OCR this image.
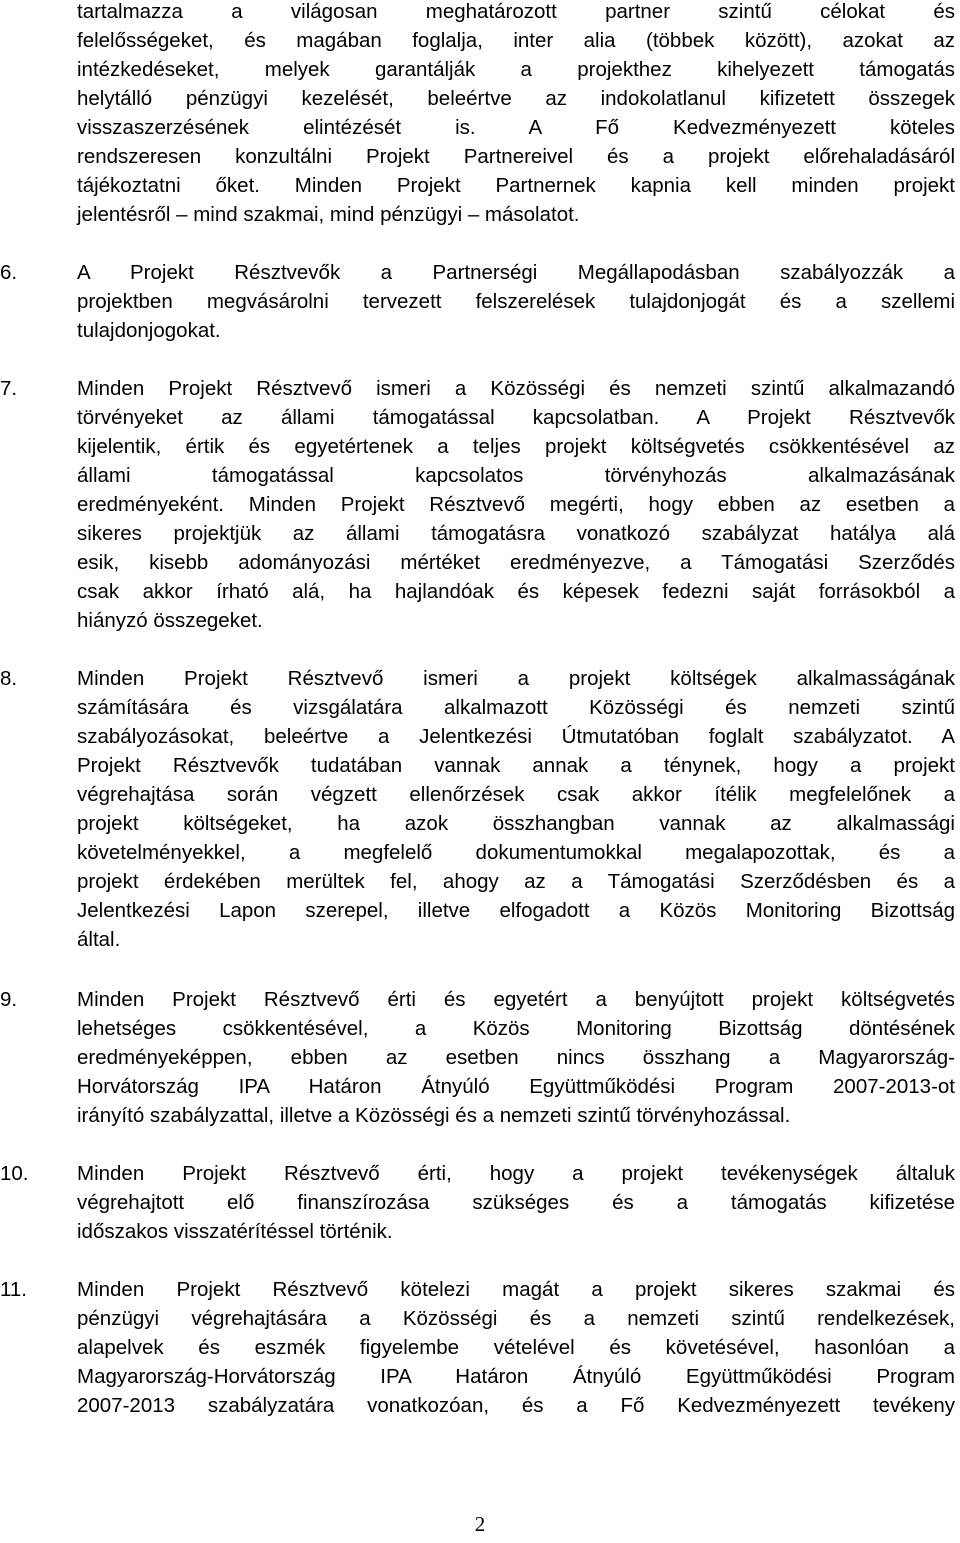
tartalmazza a világosan meghatározott partner szintű célokat és
felelősségeket, és magában foglalja, inter alia (többek között), azokat az
intézkedéseket, melyek garantálják a projekthez kihelyezett támogatás
helytálló pénzügyi kezelését, beleértve az indokolatlanul kifizetett összegek
visszaszerzésének elintézését is. A Fő Kedvezményezett köteles
rendszeresen konzultálni Projekt Partnereivel és a projekt előrehaladásáról
tájékoztatni őket. Minden Projekt Partnernek kapnia kell minden projekt
jelentésről – mind szakmai, mind pénzügyi – másolatot.
6.	A Projekt Résztvevők a Partnerségi Megállapodásban szabályozzák a
projektben megvásárolni tervezett felszerelések tulajdonjogát és a szellemi
tulajdonjogokat.
7.	Minden Projekt Résztvevő ismeri a Közösségi és nemzeti szintű alkalmazandó
törvényeket az állami támogatással kapcsolatban. A Projekt Résztvevők
kijelentik, értik és egyetértenek a teljes projekt költségvetés csökkentésével az
állami támogatással kapcsolatos törvényhozás alkalmazásának
eredményeként. Minden Projekt Résztvevő megérti, hogy ebben az esetben a
sikeres projektjük az állami támogatásra vonatkozó szabályzat hatálya alá
esik, kisebb adományozási mértéket eredményezve, a Támogatási Szerződés
csak akkor írható alá, ha hajlandóak és képesek fedezni saját forrásokból a
hiányzó összegeket.
8.	Minden Projekt Résztvevő ismeri a projekt költségek alkalmasságának
számítására és vizsgálatára alkalmazott Közösségi és nemzeti szintű
szabályozásokat, beleértve a Jelentkezési Útmutatóban foglalt szabályzatot. A
Projekt Résztvevők tudatában vannak annak a ténynek, hogy a projekt
végrehajtása során végzett ellenőrzések csak akkor ítélik megfelelőnek a
projekt költségeket, ha azok összhangban vannak az alkalmassági
követelményekkel, a megfelelő dokumentumokkal megalapozottak, és a
projekt érdekében merültek fel, ahogy az a Támogatási Szerződésben és a
Jelentkezési Lapon szerepel, illetve elfogadott a Közös Monitoring Bizottság
által.
9.	Minden Projekt Résztvevő érti és egyetért a benyújtott projekt költségvetés
lehetséges csökkentésével, a Közös Monitoring Bizottság döntésének
eredményeképpen, ebben az esetben nincs összhang a Magyarország-
Horvátország IPA Határon Átnyúló Együttműködési Program 2007-2013-ot
irányító szabályzattal, illetve a Közösségi és a nemzeti szintű törvényhozással.
10.	Minden Projekt Résztvevő érti, hogy a projekt tevékenységek általuk
végrehajtott elő finanszírozása szükséges és a támogatás kifizetése
időszakos visszatérítéssel történik.
11.	Minden Projekt Résztvevő kötelezi magát a projekt sikeres szakmai és
pénzügyi végrehajtására a Közösségi és a nemzeti szintű rendelkezések,
alapelvek és eszmék figyelembe vételével és követésével, hasonlóan a
Magyarország-Horvátország IPA Határon Átnyúló Együttműködési Program
2007-2013 szabályzatára vonatkozóan, és a Fő Kedvezményezett tevékeny
2
